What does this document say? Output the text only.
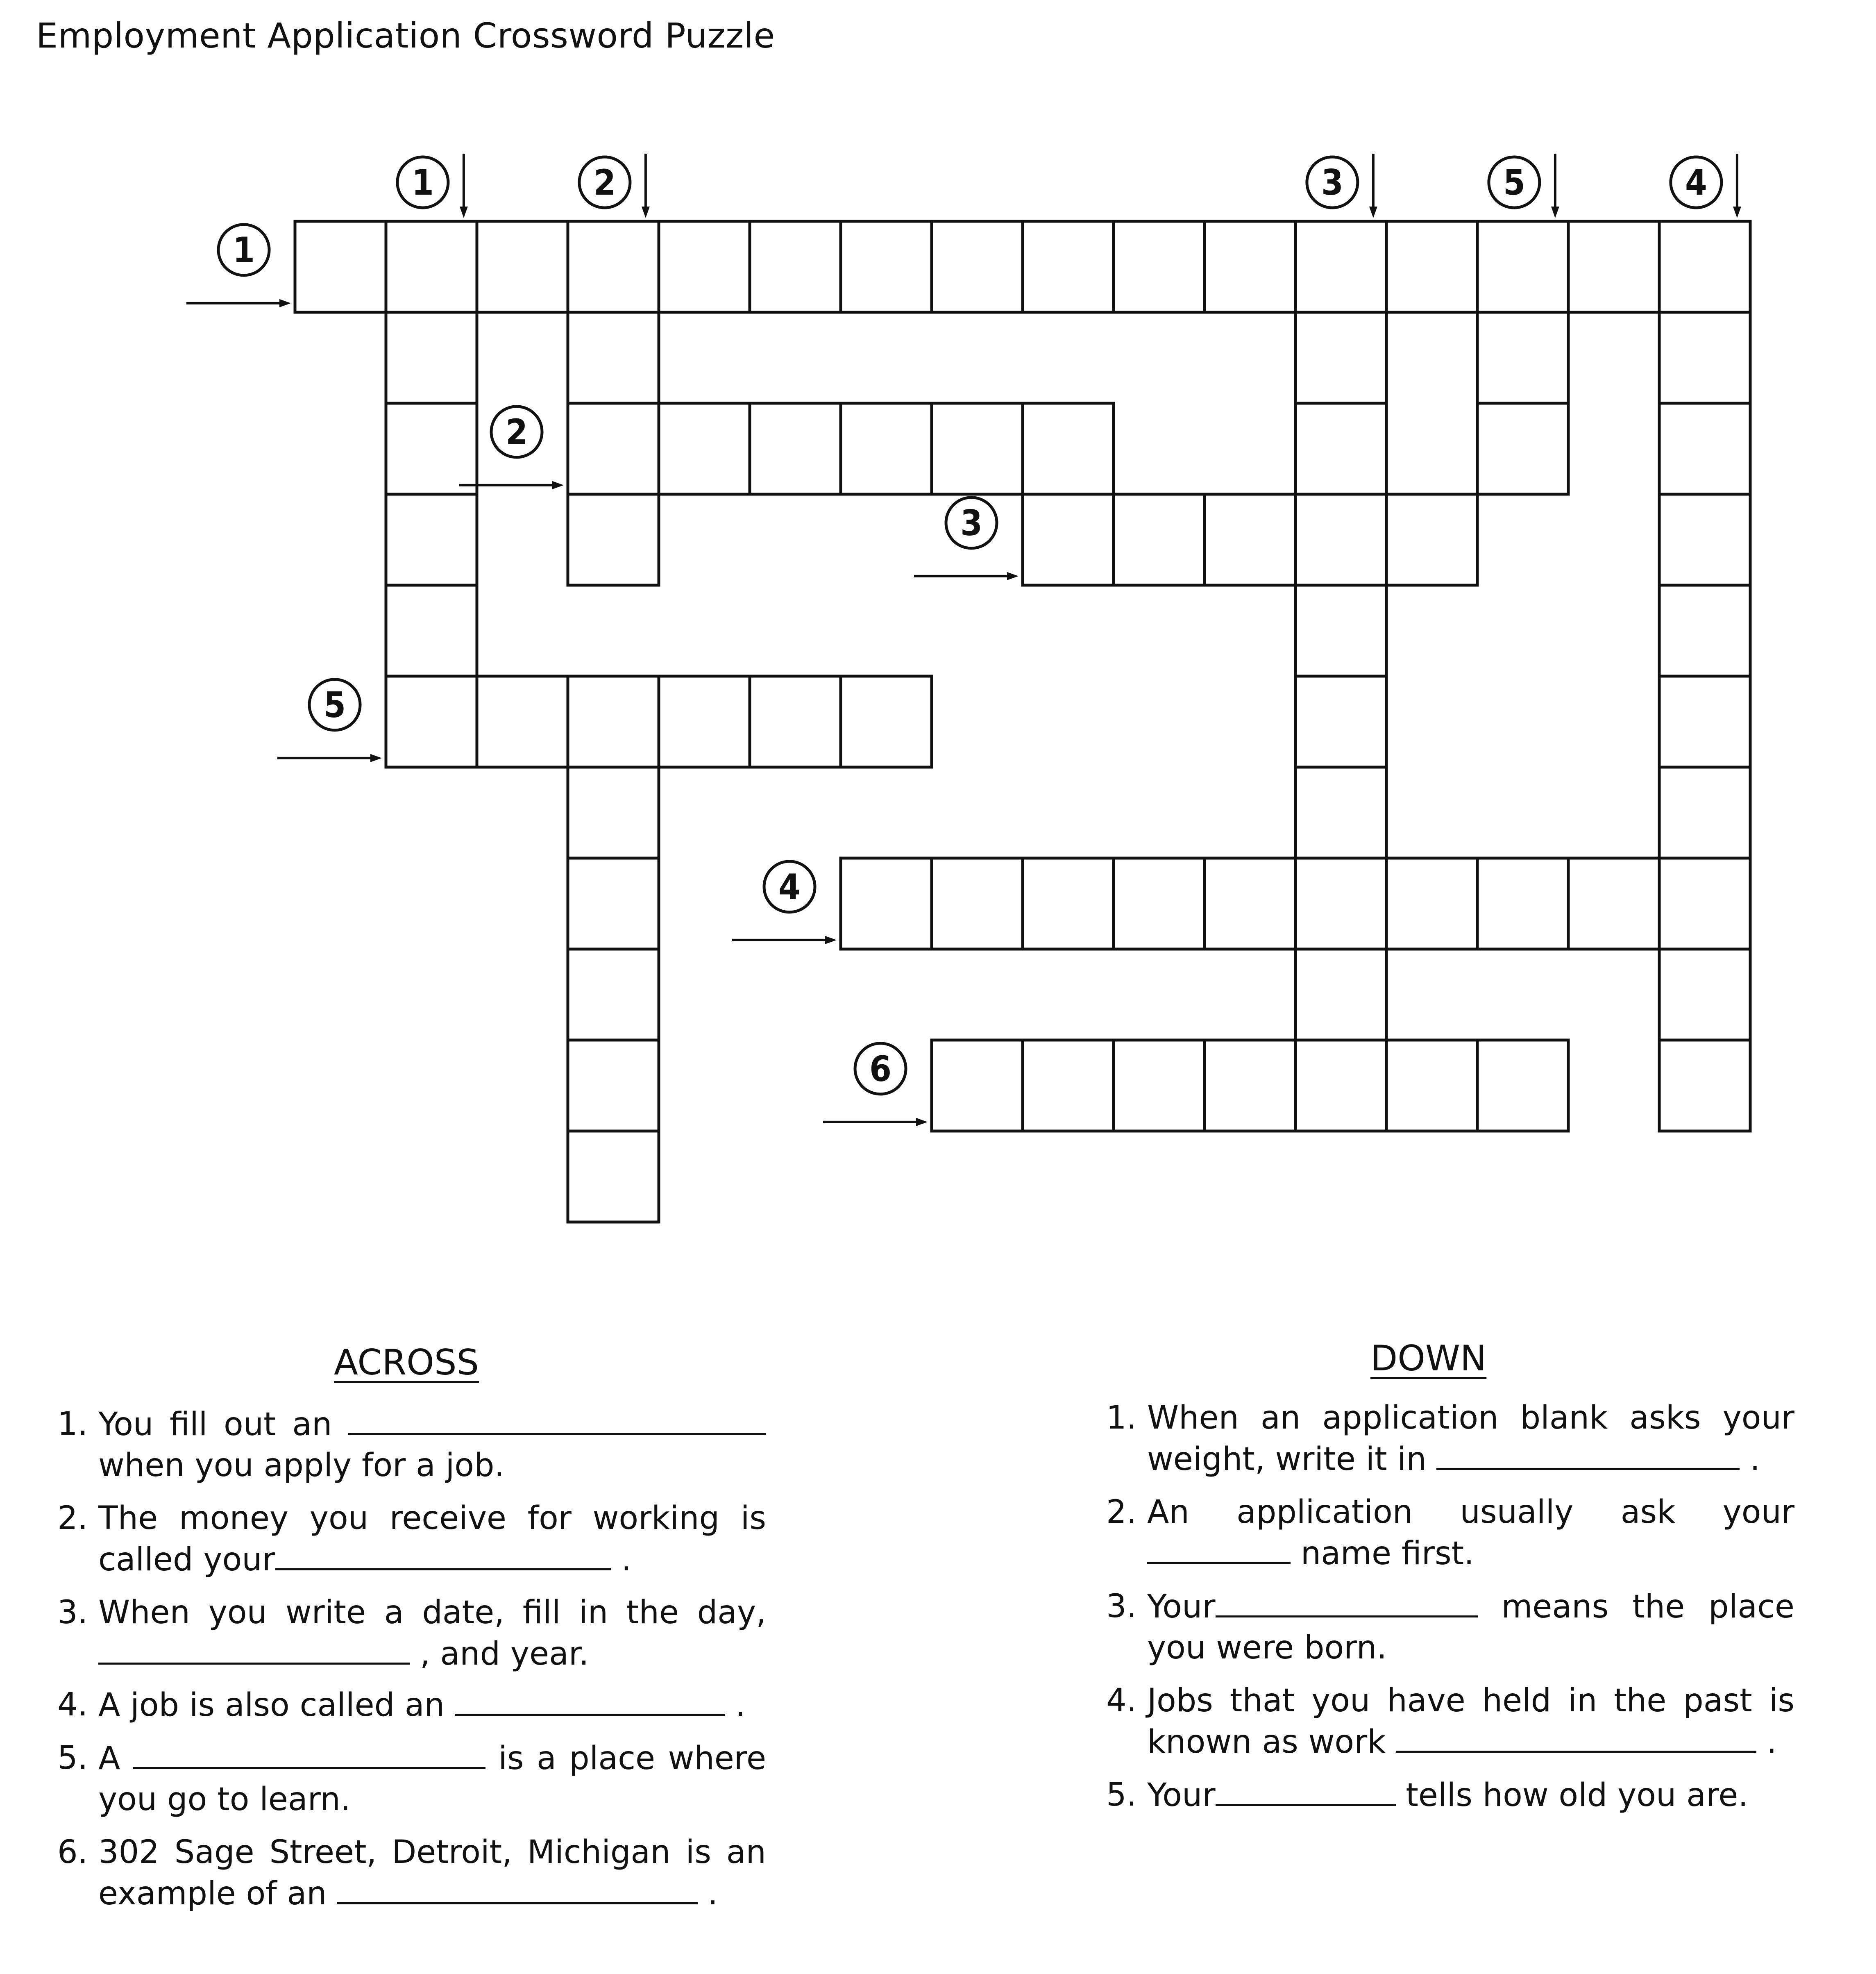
Employment Application Crossword Puzzle
1
2
3
4
5
6
1	2	3	5	4
ACROSS
1. You fill out an  when you apply for a job.
2. The money you receive for working is called your	.
3. When you write a date, fill in the day,  , and year.
4. A job is also called an	.
5. A	is a place where you go to learn.
6. 302 Sage Street, Detroit, Michigan is an example of an	.
DOWN
1. When an application blank asks your weight, write it in	.
2. An application usually ask your  name first.
3. Your	means the place you were born.
4. Jobs that you have held in the past is known as work	.
5. Your	tells how old you are.
